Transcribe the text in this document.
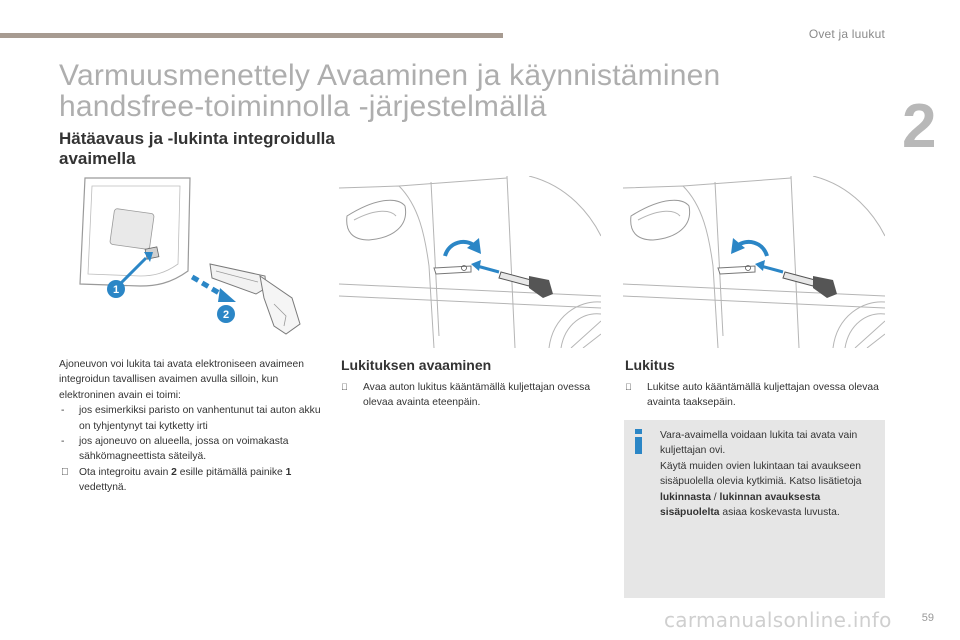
Ovet ja luukut
2
Varmuusmenettely Avaaminen ja käynnistäminen handsfree-toiminnolla -järjestelmällä
Hätäavaus ja -lukinta integroidulla avaimella
1
2

Ajoneuvon voi lukita tai avata elektroniseen avaimeen integroidun tavallisen avaimen avulla silloin, kun elektroninen avain ei toimi:

- jos esimerkiksi paristo on vanhentunut tai auton akku on tyhjentynyt tai kytketty irti
- jos ajoneuvo on alueella, jossa on voimakasta sähkömagneettista säteilyä.
Ota integroitu avain 2 esille pitämällä painike 1 vedettynä.
Lukituksen avaaminen
Avaa auton lukitus kääntämällä kuljettajan ovessa olevaa avainta eteenpäin.
Lukitus
Lukitse auto kääntämällä kuljettajan ovessa olevaa avainta taaksepäin.

Vara-avaimella voidaan lukita tai avata vain kuljettajan ovi.

Käytä muiden ovien lukintaan tai avaukseen sisäpuolella olevia kytkimiä. Katso lisätietoja lukinnasta / lukinnan avauksesta sisäpuolelta asiaa koskevasta luvusta.

carmanualsonline.info	59
